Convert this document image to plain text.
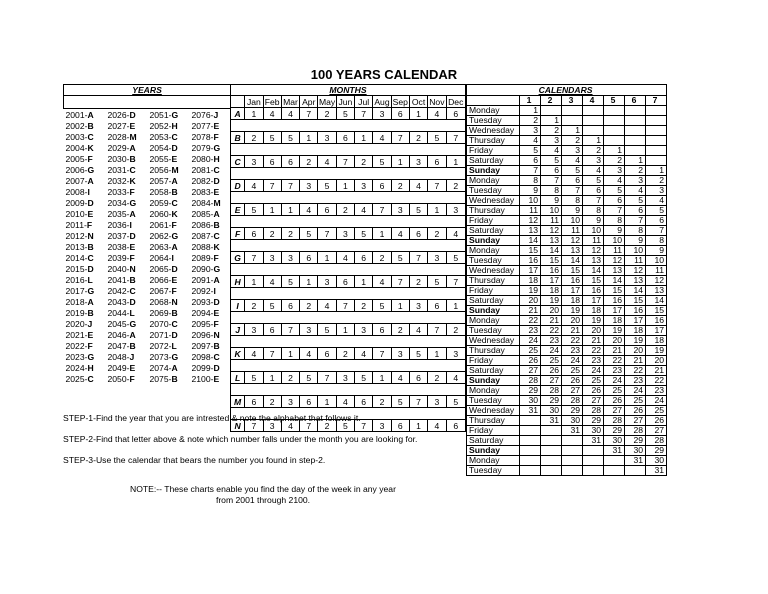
100 YEARS CALENDAR
YEARS			

2001-A	2026-D	2051-G	2076-J
2002-B	2027-E	2052-H	2077-E
2003-C	2028-M	2053-C	2078-F
2004-K	2029-A	2054-D	2079-G
2005-F	2030-B	2055-E	2080-H
2006-G	2031-C	2056-M	2081-C
2007-A	2032-K	2057-A	2082-D
2008-I	2033-F	2058-B	2083-E
2009-D	2034-G	2059-C	2084-M
2010-E	2035-A	2060-K	2085-A
2011-F	2036-I	2061-F	2086-B
2012-N	2037-D	2062-G	2087-C
2013-B	2038-E	2063-A	2088-K
2014-C	2039-F	2064-I	2089-F
2015-D	2040-N	2065-D	2090-G
2016-L	2041-B	2066-E	2091-A
2017-G	2042-C	2067-F	2092-I
2018-A	2043-D	2068-N	2093-D
2019-B	2044-L	2069-B	2094-E
2020-J	2045-G	2070-C	2095-F
2021-E	2046-A	2071-D	2096-N
2022-F	2047-B	2072-L	2097-B
2023-G	2048-J	2073-G	2098-C
2024-H	2049-E	2074-A	2099-D
2025-C	2050-F	2075-B	2100-E
MONTHS												
	Jan	Feb	Mar	Apr	May	Jun	Jul	Aug	Sep	Oct	Nov	Dec
A	1	4	4	7	2	5	7	3	6	1	4	6

B	2	5	5	1	3	6	1	4	7	2	5	7

C	3	6	6	2	4	7	2	5	1	3	6	1

D	4	7	7	3	5	1	3	6	2	4	7	2

E	5	1	1	4	6	2	4	7	3	5	1	3

F	6	2	2	5	7	3	5	1	4	6	2	4

G	7	3	3	6	1	4	6	2	5	7	3	5

H	1	4	5	1	3	6	1	4	7	2	5	7

I	2	5	6	2	4	7	2	5	1	3	6	1

J	3	6	7	3	5	1	3	6	2	4	7	2

K	4	7	1	4	6	2	4	7	3	5	1	3

L	5	1	2	5	7	3	5	1	4	6	2	4

M	6	2	3	6	1	4	6	2	5	7	3	5

N	7	3	4	7	2	5	7	3	6	1	4	6
CALENDARS							
	1	2	3	4	5	6	7
Monday	1						
Tuesday	2	1					
Wednesday	3	2	1				
Thursday	4	3	2	1			
Friday	5	4	3	2	1		
Saturday	6	5	4	3	2	1	
Sunday	7	6	5	4	3	2	1
Monday	8	7	6	5	4	3	2
Tuesday	9	8	7	6	5	4	3
Wednesday	10	9	8	7	6	5	4
Thursday	11	10	9	8	7	6	5
Friday	12	11	10	9	8	7	6
Saturday	13	12	11	10	9	8	7
Sunday	14	13	12	11	10	9	8
Monday	15	14	13	12	11	10	9
Tuesday	16	15	14	13	12	11	10
Wednesday	17	16	15	14	13	12	11
Thursday	18	17	16	15	14	13	12
Friday	19	18	17	16	15	14	13
Saturday	20	19	18	17	16	15	14
Sunday	21	20	19	18	17	16	15
Monday	22	21	20	19	18	17	16
Tuesday	23	22	21	20	19	18	17
Wednesday	24	23	22	21	20	19	18
Thursday	25	24	23	22	21	20	19
Friday	26	25	24	23	22	21	20
Saturday	27	26	25	24	23	22	21
Sunday	28	27	26	25	24	23	22
Monday	29	28	27	26	25	24	23
Tuesday	30	29	28	27	26	25	24
Wednesday	31	30	29	28	27	26	25
Thursday		31	30	29	28	27	26
Friday			31	30	29	28	27
Saturday				31	30	29	28
Sunday					31	30	29
Monday						31	30
Tuesday							31
STEP-1-Find the year that you are intrested & note the alphabet that follows it.
STEP-2-Find that letter above & note which number falls under the month you are looking for.
STEP-3-Use the calendar that bears the number you found in step-2.
NOTE:-- These charts enable you find the day of the week in any year
from 2001 through 2100.
